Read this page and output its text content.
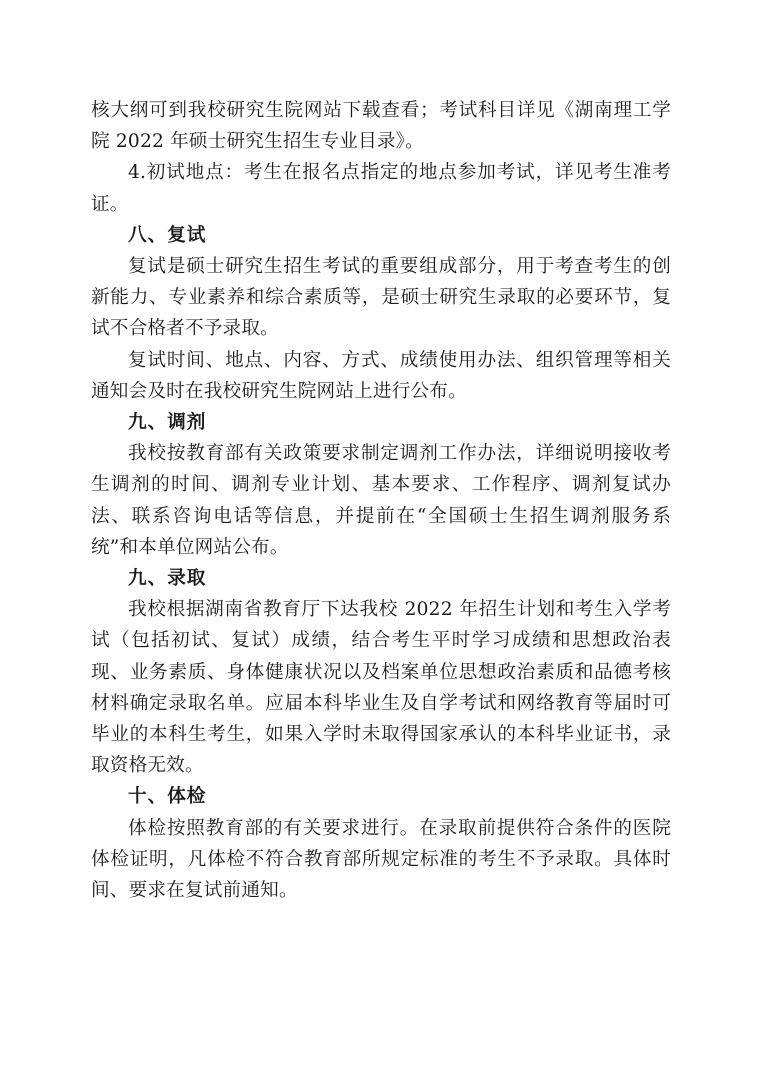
核大纲可到我校研究生院网站下载查看；考试科目详见《湖南理工学院 2022 年硕士研究生招生专业目录》。

4.初试地点：考生在报名点指定的地点参加考试，详见考生准考证。

八、复试

复试是硕士研究生招生考试的重要组成部分，用于考查考生的创新能力、专业素养和综合素质等，是硕士研究生录取的必要环节，复试不合格者不予录取。

复试时间、地点、内容、方式、成绩使用办法、组织管理等相关通知会及时在我校研究生院网站上进行公布。

九、调剂

我校按教育部有关政策要求制定调剂工作办法，详细说明接收考生调剂的时间、调剂专业计划、基本要求、工作程序、调剂复试办法、联系咨询电话等信息，并提前在“全国硕士生招生调剂服务系统”和本单位网站公布。

九、录取

我校根据湖南省教育厅下达我校 2022 年招生计划和考生入学考试（包括初试、复试）成绩，结合考生平时学习成绩和思想政治表现、业务素质、身体健康状况以及档案单位思想政治素质和品德考核材料确定录取名单。应届本科毕业生及自学考试和网络教育等届时可毕业的本科生考生，如果入学时未取得国家承认的本科毕业证书，录取资格无效。

十、体检

体检按照教育部的有关要求进行。在录取前提供符合条件的医院体检证明，凡体检不符合教育部所规定标准的考生不予录取。具体时间、要求在复试前通知。
